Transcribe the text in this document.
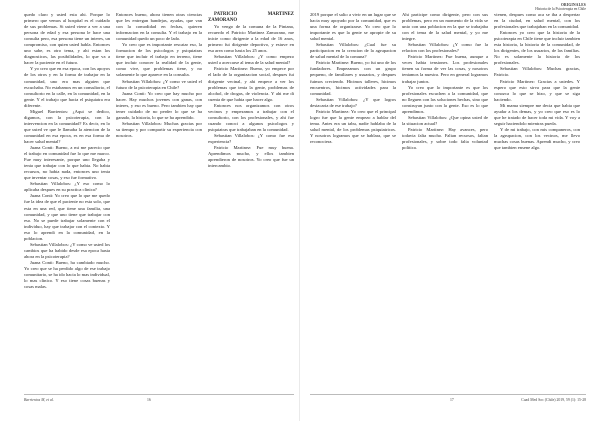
quedo claro y usted esta ahi. Porque lo primero que vemos al hospital es el cuidado de sus problemas. Si usted viene a ver a una persona de edad y esa persona le hace una consulta pero, esa persona tiene un interes, un compromiso, con quien usted habla. Entonces uno sabe, es otro tema, y ahi estan los diagnosticos, las posibilidades, lo que va a hacer la paciente en el futuro.

Y yo creo que en esa epoca, con los apoyos de los otros y en la forma de trabajar en la comunidad, uno era mas alguien que escuchaba. No estabamos en un consultorio, el consultorio en la calle, en la comunidad, en la gente. Y el trabajo que hacia el psiquiatra era diferente.

Miguel Barrientos: ¿Aqui se dedico, digamos, con la psicoterapia, con la intervencion en la comunidad? Es decir, en lo que usted ve que le llamaba la atencion de la comunidad en esa epoca, es en esa forma de hacer salud mental?

Juana Conti: Bueno, a mi me parecio que el trabajo en comunidad fue lo que me marco. Fue muy interesante, porque uno llegaba y tenia que trabajar con lo que habia. No habia recursos, no habia nada, entonces uno tenia que inventar cosas, y eso fue formativo.

Sebastian Villalobos: ¿Y eso como lo aplicaba despues en su practica clinica?

Juana Conti: Yo creo que lo que me quedo fue la idea de que el paciente no esta solo, que esta en una red, que tiene una familia, una comunidad, y que uno tiene que trabajar con eso. No se puede trabajar solamente con el individuo, hay que trabajar con el contexto. Y eso lo aprendi en la comunidad, en la poblacion.

Sebastian Villalobos: ¿Y como ve usted los cambios que ha habido desde esa epoca hasta ahora en la psicoterapia?

Juana Conti: Bueno, ha cambiado mucho. Yo creo que se ha perdido algo de ese trabajo comunitario, se ha ido hacia lo mas individual, lo mas clinico. Y eso tiene cosas buenas y cosas malas.

Entonces bueno, ahora tienen otras ciencias que les entregan bandejas, ayudas, que van con la comodidad en fechas, quieren informacion en la consulta. Y el trabajo en la comunidad quedo un poco de lado.

Yo creo que es importante rescatar eso, la formacion de los psicologos y psiquiatras tiene que incluir el trabajo en terreno, tiene que incluir conocer la realidad de la gente, como vive, que problemas tiene, y no solamente lo que aparece en la consulta.

Sebastian Villalobos: ¿Y como ve usted el futuro de la psicoterapia en Chile?

Juana Conti: Yo creo que hay mucho por hacer. Hay muchos jovenes con ganas, con interes, y eso es bueno. Pero tambien hay que tener cuidado de no perder lo que se ha ganado, la historia, lo que se ha aprendido.

Sebastian Villalobos: Muchas gracias por su tiempo y por compartir su experiencia con nosotros.

PATRICIO MARTINEZ ZAMORANO

Yo vengo de la comuna de la Pintana, recuerdo el Patricio Martinez Zamorano, me inicie como dirigente a la edad de 16 anos, primero fui dirigente deportivo, y estuve en esa area como hasta los 25 anos.

Sebastian Villalobos: ¿Y como empezo usted a acercarse al tema de la salud mental?

Patricio Martinez: Bueno, yo empece por el lado de la organizacion social, despues fui dirigente vecinal, y ahi empece a ver los problemas que tenia la gente, problemas de alcohol, de drogas, de violencia. Y ahi me di cuenta de que habia que hacer algo.

Entonces nos organizamos con otros vecinos y empezamos a trabajar con el consultorio, con los profesionales, y ahi fue cuando conoci a algunos psicologos y psiquiatras que trabajaban en la comunidad.

Sebastian Villalobos: ¿Y como fue esa experiencia?

Patricio Martinez: Fue muy buena. Aprendimos mucho, y ellos tambien aprendieron de nosotros. Yo creo que fue un intercambio.

Barrientos M, et al.	16
ORIGINALES
Historia de la Psicoterapia en Chile

2019 porque el salio a vivir en un lugar que se hacia muy apoyado por la comunidad, que es una forma de organizarse. Yo creo que lo importante es que la gente se apropie de su salud mental.

Sebastian Villalobos: ¿Cual fue su participacion en la creacion de la agrupacion de salud mental de la comuna?

Patricio Martinez: Bueno, yo fui uno de los fundadores. Empezamos con un grupo pequeno, de familiares y usuarios, y despues fuimos creciendo. Hicimos talleres, hicimos encuentros, hicimos actividades para la comunidad.

Sebastian Villalobos: ¿Y que logros destacaria de ese trabajo?

Patricio Martinez: Yo creo que el principal logro fue que la gente empezo a hablar del tema. Antes era un tabu, nadie hablaba de la salud mental, de los problemas psiquiatricos. Y nosotros logramos que se hablara, que se reconociera.

Ahi participe como dirigente, pero con sus problemas, pero en un momento de la vida se unio con una poblacion en la que se trabajaba con el tema de la salud mental, y yo me integre.

Sebastian Villalobos: ¿Y como fue la relacion con los profesionales?

Patricio Martinez: Fue buena, aunque a veces habia tensiones. Los profesionales tienen su forma de ver las cosas, y nosotros teniamos la nuestra. Pero en general logramos trabajar juntos.

Yo creo que lo importante es que los profesionales escuchen a la comunidad, que no lleguen con las soluciones hechas, sino que construyan junto con la gente. Eso es lo que aprendimos.

Sebastian Villalobos: ¿Que opina usted de la situacion actual?

Patricio Martinez: Hay avances, pero todavia falta mucho. Faltan recursos, faltan profesionales, y sobre todo falta voluntad politica.

vienen, despues como aca se iba a despertar en la ciudad, en salud mental, con los profesionales que trabajaban en la comunidad.

Entonces yo creo que la historia de la psicoterapia en Chile tiene que incluir tambien esta historia, la historia de la comunidad, de los dirigentes, de los usuarios, de las familias. No es solamente la historia de los profesionales.

Sebastian Villalobos: Muchas gracias, Patricio.

Patricio Martinez: Gracias a ustedes. Y espero que esto sirva para que la gente conozca lo que se hizo, y que se siga haciendo.

Mi mama siempre me decia que habia que ayudar a los demas, y yo creo que eso es lo que he tratado de hacer toda mi vida. Y voy a seguir haciendolo mientras pueda.

Y de mi trabajo, con mis companeros, con la agrupacion, con los vecinos, me llevo muchas cosas buenas. Aprendi mucho, y creo que tambien ensene algo.

17	Cuad Med Soc (Chile) 2019, 59 (1): 15-28
